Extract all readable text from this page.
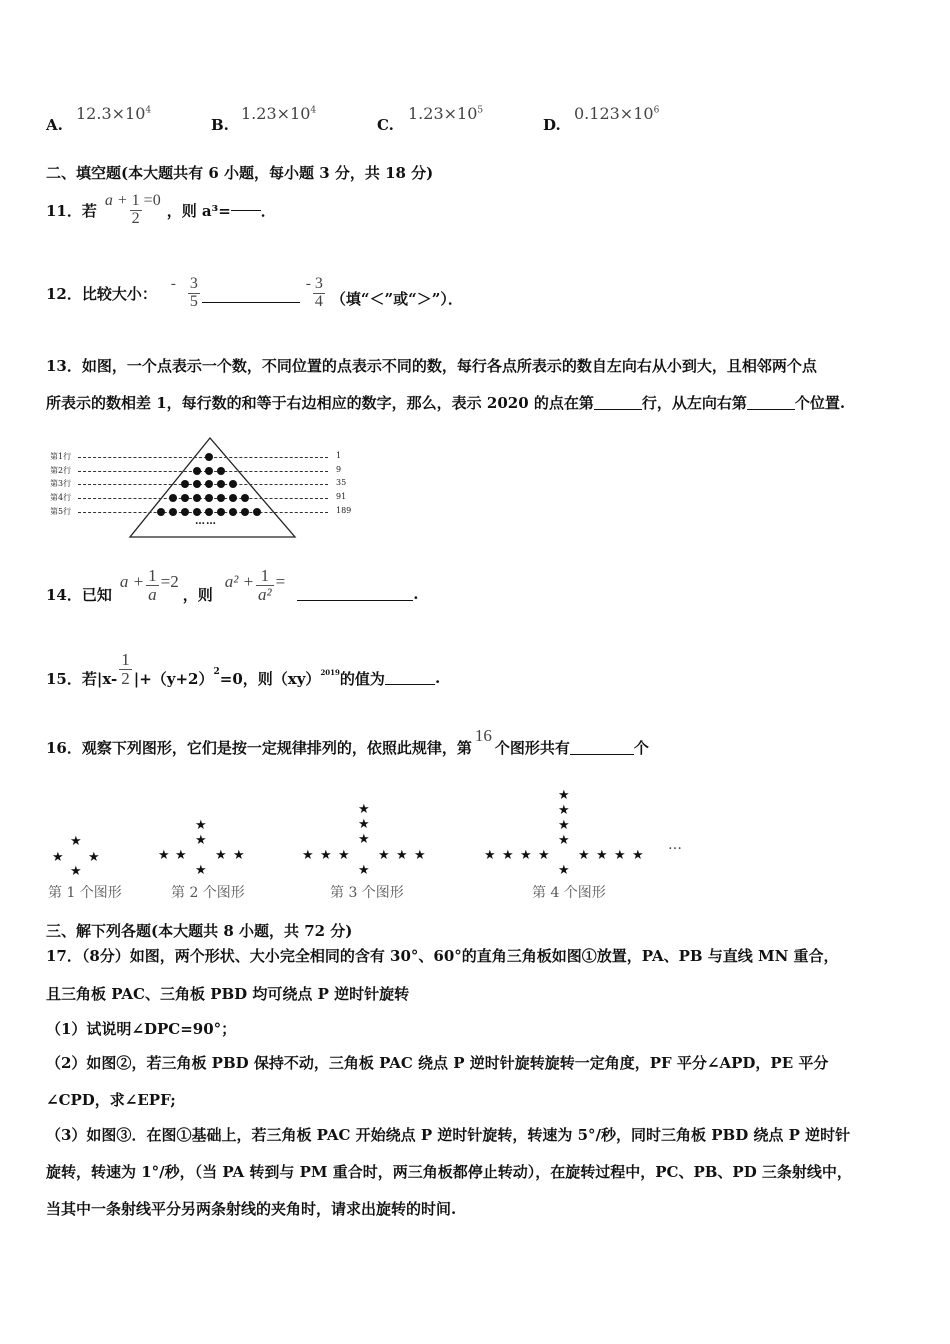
A.
$12.3\times 10^4$
B.
$1.23\times 10^4$
C.
$1.23\times 10^5$
D.
$0.123\times 10^6$
二、填空题(本大题共有 6 小题，每小题 3 分，共 18 分)
11．若
$a + \frac{1}{2} =0$
，则 a³= ．
12．比较大小：
- $\frac{3}{5}$	- $\frac{3}{4}$ （填“＜”或“＞”）．
13．如图，一个点表示一个数，不同位置的点表示不同的数，每行各点所表示的数自左向右从小到大，且相邻两个点
所表示的数相差 1，每行数的和等于右边相应的数字，那么，表示 2020 的点在第	行，从左向右第	个位置.
第1行
第2行
第3行
第4行
第5行
……
1
9
35
91
189
14．已知
$a + \frac{1}{a} =2$
，则
$a^2 + \frac{1}{\text{a²}}$ =
.
15．若$|x- \frac{1}{2} |+(y+2)^2 =0$，则（xy）$^{2019}$ 的值为	.
16．观察下列图形，它们是按一定规律排列的，依照此规律，第
16
个图形共有	个
★
★ ★
★
第 1 个图形
★
★
★ ★ ★ ★
★
第 2 个图形
★
★
★
★ ★ ★ ★ ★ ★
★
第 3 个图形
★
★
★
★
★ ★ ★ ★ ★ ★ ★ ★
★
第 4 个图形
…
三、解下列各题(本大题共 8 小题，共 72 分)
17．（8分）如图，两个形状、大小完全相同的含有 30°、60°的直角三角板如图①放置，PA、PB 与直线 MN 重合，
且三角板 PAC、三角板 PBD 均可绕点 P 逆时针旋转
（1）试说明∠DPC=90°；
（2）如图②，若三角板 PBD 保持不动，三角板 PAC 绕点 P 逆时针旋转旋转一定角度，PF 平分∠APD，PE 平分
∠CPD，求∠EPF;
（3）如图③．在图①基础上，若三角板 PAC 开始绕点 P 逆时针旋转，转速为 5°/秒，同时三角板 PBD 绕点 P 逆时针
旋转，转速为 1°/秒，（当 PA 转到与 PM 重合时，两三角板都停止转动），在旋转过程中，PC、PB、PD 三条射线中，
当其中一条射线平分另两条射线的夹角时，请求出旋转的时间.
